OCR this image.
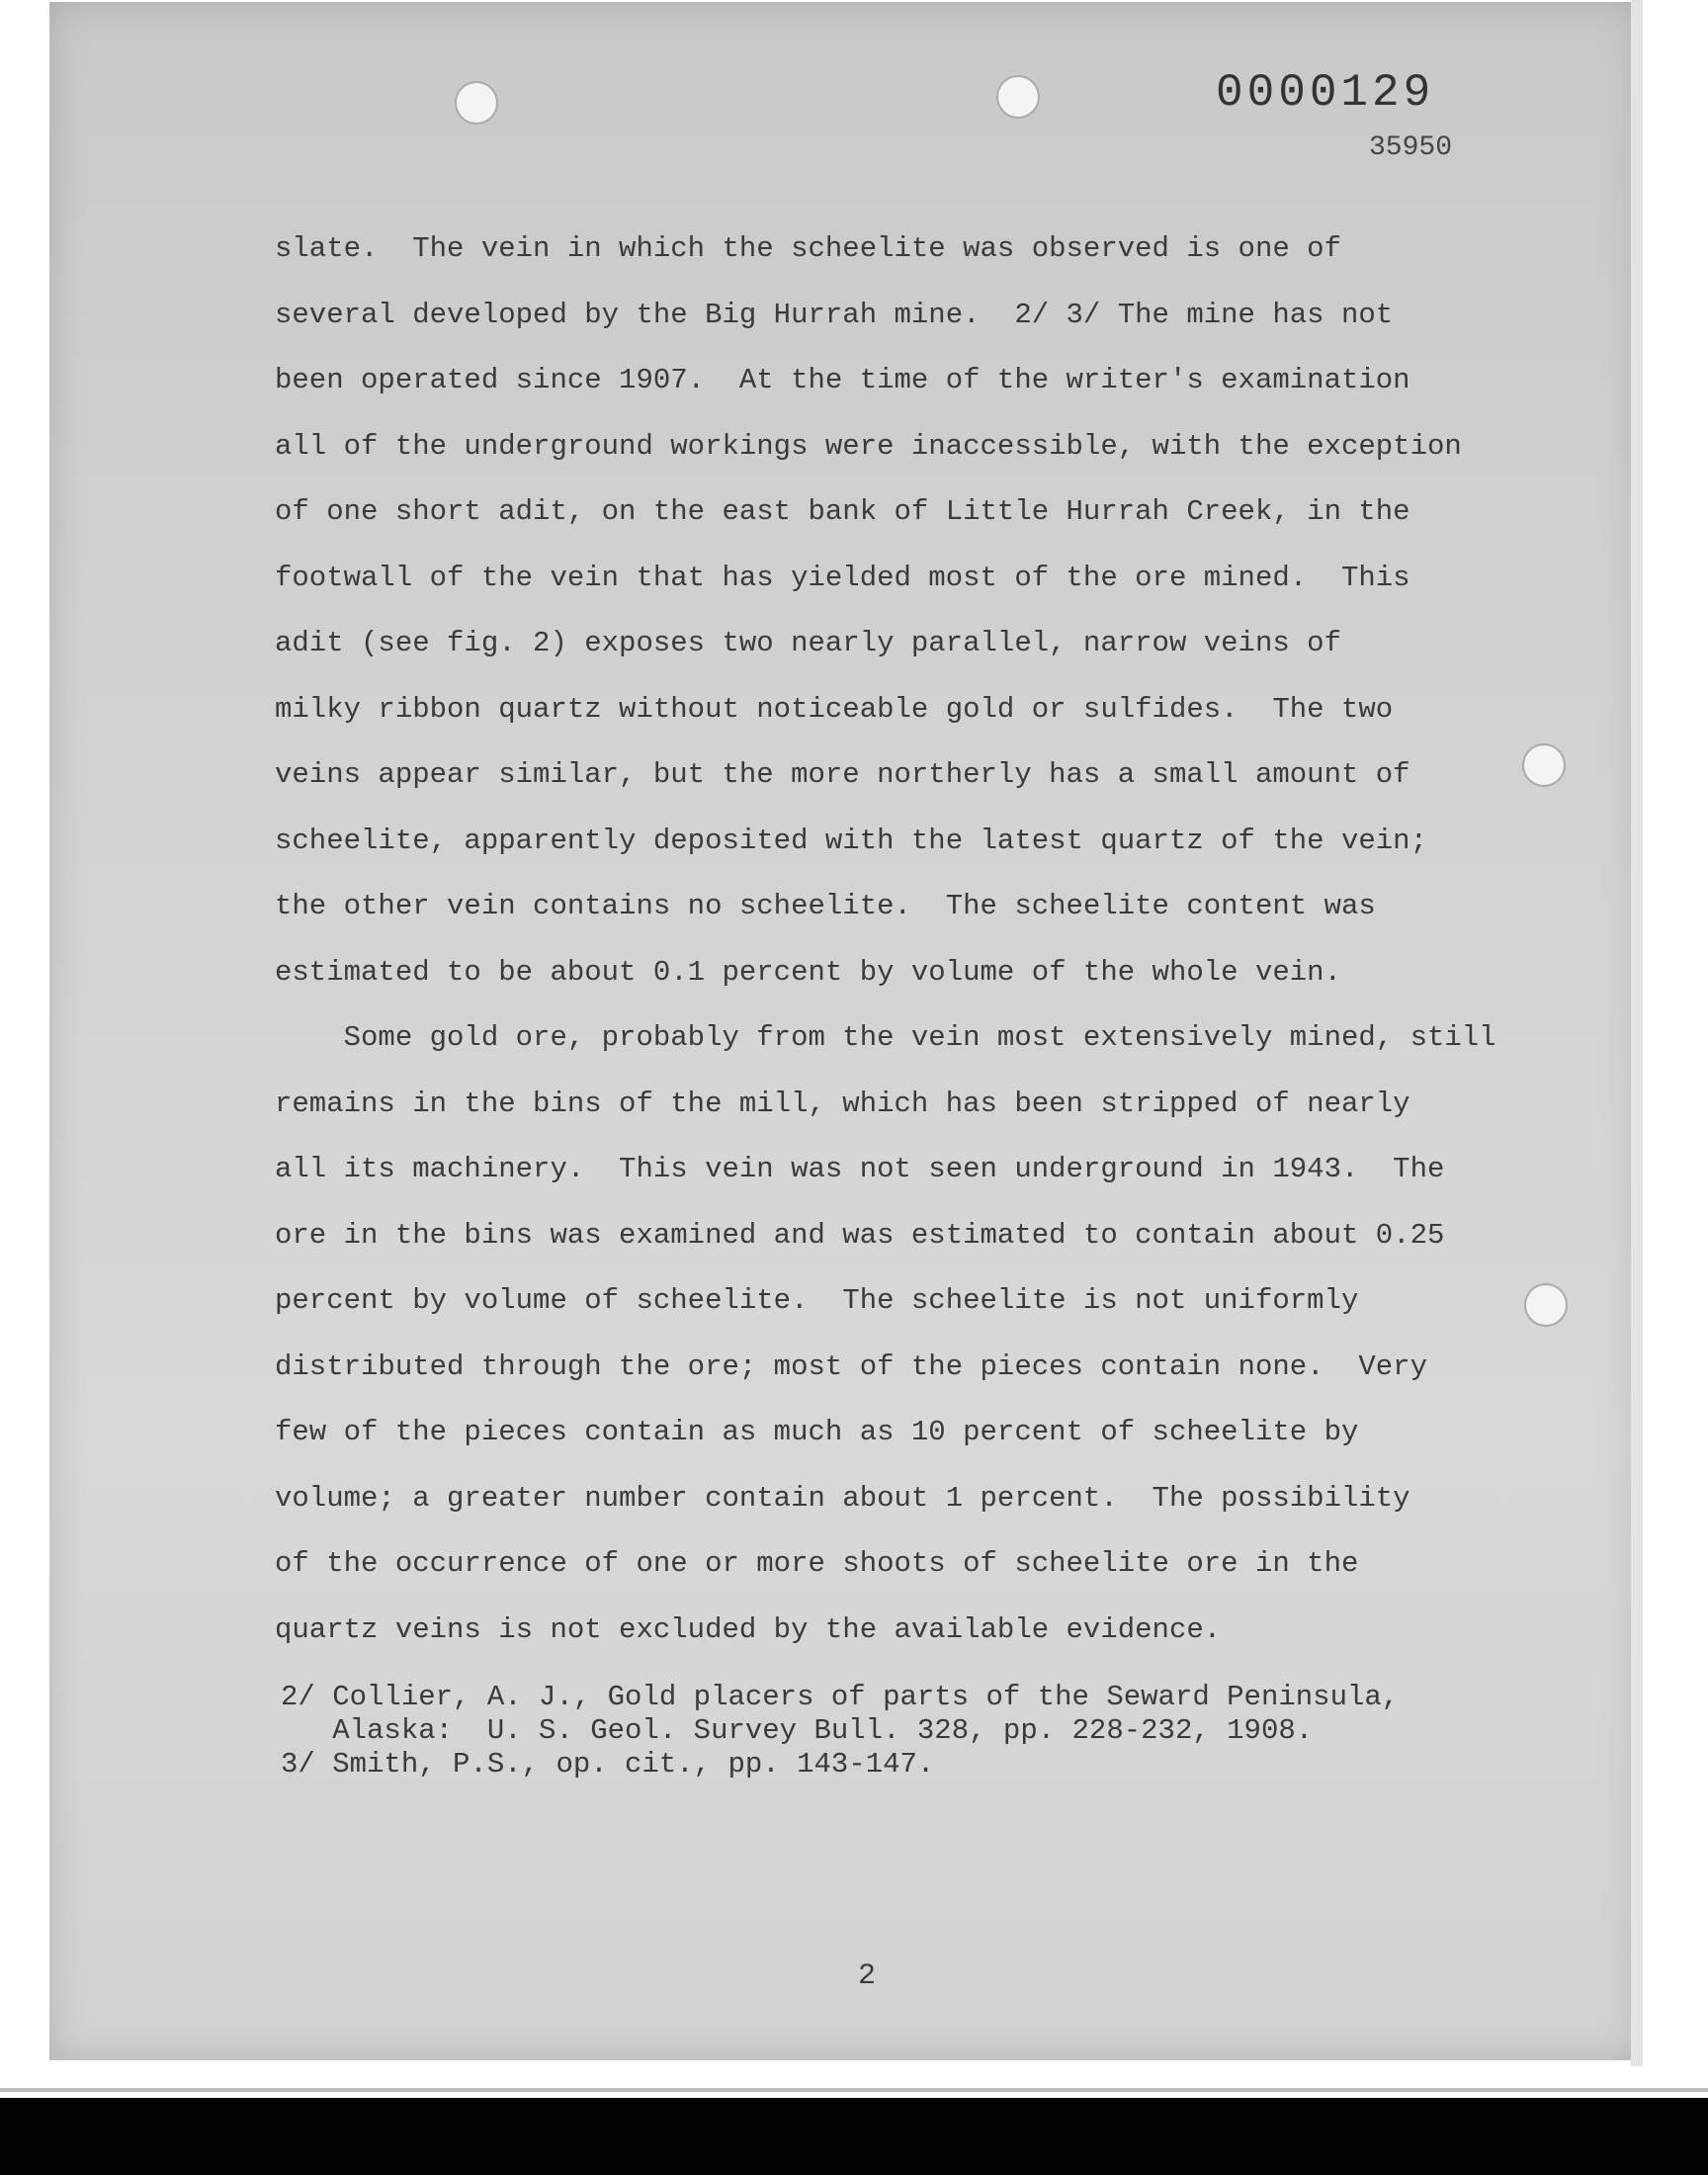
0000129
35950
slate.  The vein in which the scheelite was observed is one of
several developed by the Big Hurrah mine.  2/ 3/ The mine has not
been operated since 1907.  At the time of the writer's examination
all of the underground workings were inaccessible, with the exception
of one short adit, on the east bank of Little Hurrah Creek, in the
footwall of the vein that has yielded most of the ore mined.  This
adit (see fig. 2) exposes two nearly parallel, narrow veins of
milky ribbon quartz without noticeable gold or sulfides.  The two
veins appear similar, but the more northerly has a small amount of
scheelite, apparently deposited with the latest quartz of the vein;
the other vein contains no scheelite.  The scheelite content was
estimated to be about 0.1 percent by volume of the whole vein.
Some gold ore, probably from the vein most extensively mined, still
remains in the bins of the mill, which has been stripped of nearly
all its machinery.  This vein was not seen underground in 1943.  The
ore in the bins was examined and was estimated to contain about 0.25
percent by volume of scheelite.  The scheelite is not uniformly
distributed through the ore; most of the pieces contain none.  Very
few of the pieces contain as much as 10 percent of scheelite by
volume; a greater number contain about 1 percent.  The possibility
of the occurrence of one or more shoots of scheelite ore in the
quartz veins is not excluded by the available evidence.
2/ Collier, A. J., Gold placers of parts of the Seward Peninsula,
Alaska:  U. S. Geol. Survey Bull. 328, pp. 228-232, 1908.
3/ Smith, P.S., op. cit., pp. 143-147.
2
